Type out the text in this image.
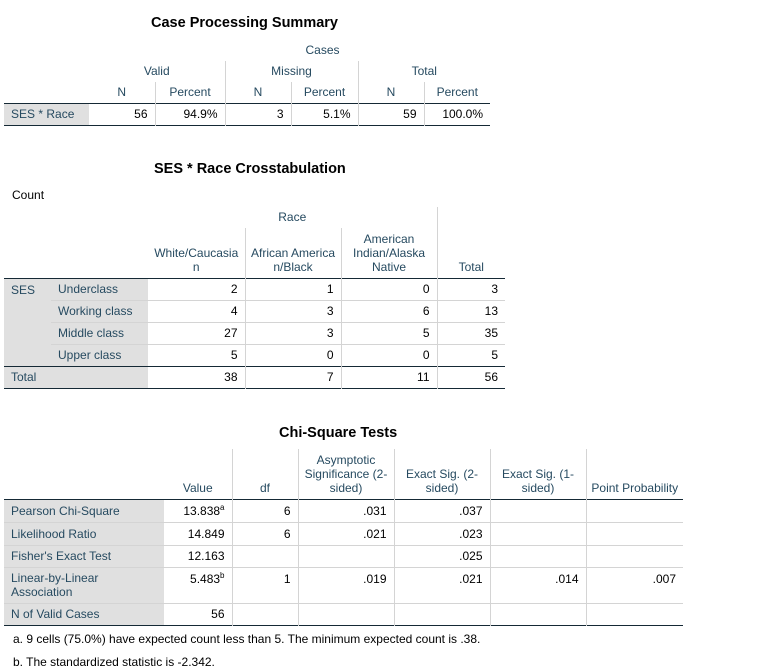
Case Processing Summary
		Cases				
	Valid		Missing		Total	
	N	Percent	N	Percent	N	Percent
SES * Race	56	94.9%	3	5.1%	59	100.0%
SES * Race Crosstabulation
Count
		Race			
		White/Caucasian	African American/Black	American Indian/Alaska Native	Total
SES	Underclass	2	1	0	3
	Working class	4	3	6	13
	Middle class	27	3	5	35
	Upper class	5	0	0	5
Total		38	7	11	56
Chi-Square Tests
	Value	df	Asymptotic Significance (2-sided)	Exact Sig. (2-sided)	Exact Sig. (1-sided)	Point Probability
Pearson Chi-Square	13.838$^a$	6	.031	.037		
Likelihood Ratio	14.849	6	.021	.023		
Fisher's Exact Test	12.163			.025		
Linear-by-Linear Association	5.483$^b$	1	.019	.021	.014	.007
N of Valid Cases	56					
a. 9 cells (75.0%) have expected count less than 5. The minimum expected count is .38.
b. The standardized statistic is -2.342.
